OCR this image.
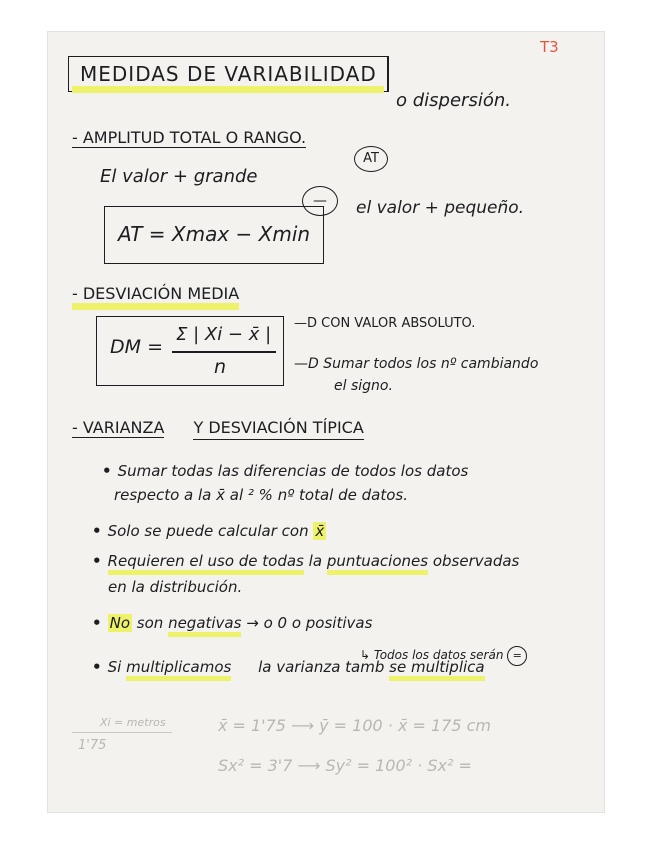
T3
MEDIDAS DE VARIABILIDAD
o dispersión.
- AMPLITUD TOTAL O RANGO.
AT
El valor + grande
—	el valor + pequeño.
AT = Xmax − Xmin
- DESVIACIÓN MEDIA
DM =
Σ | Xi − x̄ |
n
—D CON VALOR ABSOLUTO.
—D Sumar todos los nº cambiando
el signo.
- VARIANZA Y DESVIACIÓN TÍPICA
• Sumar todas las diferencias de todos los datos
respecto a la x̄ al ² % nº total de datos.
• Solo se puede calcular con x̄
• Requieren el uso de todas la puntuaciones observadas
en la distribución.
• No son negativas → o 0 o positivas
↳ Todos los datos serán =
• Si multiplicamos la varianza tamb se multiplica
Xi = metros
1'75
x̄ = 1'75 ⟶ ȳ = 100 · x̄ = 175 cm
Sx² = 3'7 ⟶ Sy² = 100² · Sx² =
